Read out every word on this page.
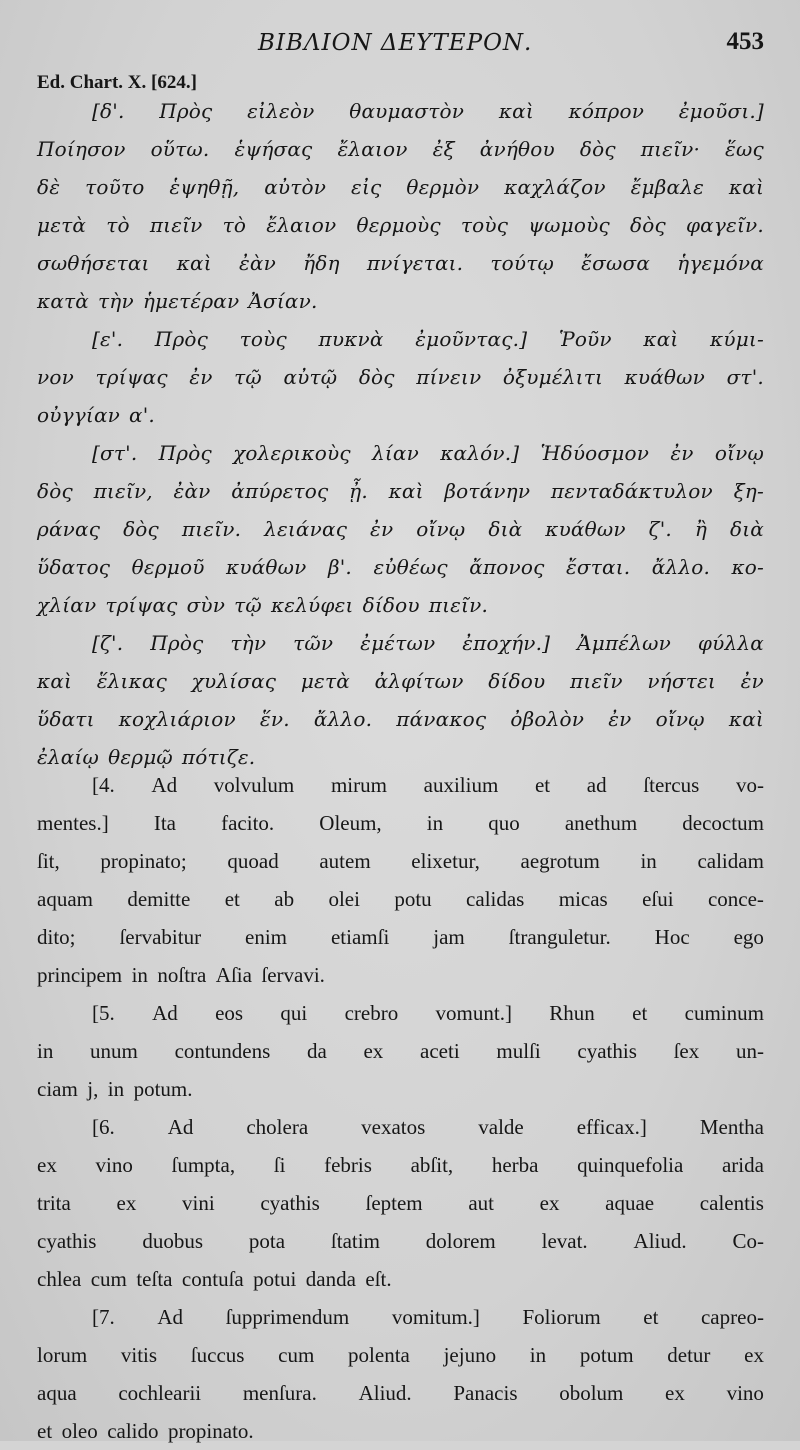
ΒΙΒΛΙΟΝ ΔΕΥΤΕΡΟΝ.	453
Ed. Chart. X. [624.]
[δ'. Πρὸς εἰλεὸν θαυμαστὸν καὶ κόπρον ἐμοῦσι.]
Ποίησον οὕτω. ἑψήσας ἔλαιον ἐξ ἀνήθου δὸς πιεῖν· ἕως
δὲ τοῦτο ἑψηθῇ, αὐτὸν εἰς θερμὸν καχλάζον ἔμβαλε καὶ
μετὰ τὸ πιεῖν τὸ ἔλαιον θερμοὺς τοὺς ψωμοὺς δὸς φαγεῖν.
σωθήσεται καὶ ἐὰν ἤδη πνίγεται. τούτῳ ἔσωσα ἡγεμόνα
κατὰ τὴν ἡμετέραν Ἀσίαν.
[ε'. Πρὸς τοὺς πυκνὰ ἐμοῦντας.] Ῥοῦν καὶ κύμι-
νον τρίψας ἐν τῷ αὐτῷ δὸς πίνειν ὀξυμέλιτι κυάθων στ'.
οὐγγίαν α'.
[στ'. Πρὸς χολερικοὺς λίαν καλόν.] Ἡδύοσμον ἐν οἴνῳ
δὸς πιεῖν, ἐὰν ἀπύρετος ᾖ. καὶ βοτάνην πενταδάκτυλον ξη-
ράνας δὸς πιεῖν. λειάνας ἐν οἴνῳ διὰ κυάθων ζ'. ἢ διὰ
ὕδατος θερμοῦ κυάθων β'. εὐθέως ἄπονος ἔσται. ἄλλο. κο-
χλίαν τρίψας σὺν τῷ κελύφει δίδου πιεῖν.
[ζ'. Πρὸς τὴν τῶν ἐμέτων ἐποχήν.] Ἀμπέλων φύλλα
καὶ ἕλικας χυλίσας μετὰ ἀλφίτων δίδου πιεῖν νήστει ἐν
ὕδατι κοχλιάριον ἕν. ἄλλο. πάνακος ὀβολὸν ἐν οἴνῳ καὶ
ἐλαίῳ θερμῷ πότιζε.
[4. Ad volvulum mirum auxilium et ad ſtercus vo-
mentes.] Ita facito. Oleum, in quo anethum decoctum
ſit, propinato; quoad autem elixetur, aegrotum in calidam
aquam demitte et ab olei potu calidas micas eſui conce-
dito; ſervabitur enim etiamſi jam ſtranguletur. Hoc ego
principem in noſtra Aſia ſervavi.
[5. Ad eos qui crebro vomunt.] Rhun et cuminum
in unum contundens da ex aceti mulſi cyathis ſex un-
ciam j, in potum.
[6.	Ad	cholera	vexatos	valde	efficax.]	Mentha
ex vino ſumpta, ſi febris abſit, herba quinquefolia arida
trita ex vini cyathis ſeptem aut ex aquae calentis
cyathis duobus pota ſtatim dolorem levat. Aliud. Co-
chlea cum teſta contuſa potui danda eſt.
[7. Ad ſupprimendum vomitum.] Foliorum et capreo-
lorum vitis ſuccus cum polenta jejuno in potum detur ex
aqua cochlearii menſura. Aliud. Panacis obolum ex vino
et oleo calido propinato.
